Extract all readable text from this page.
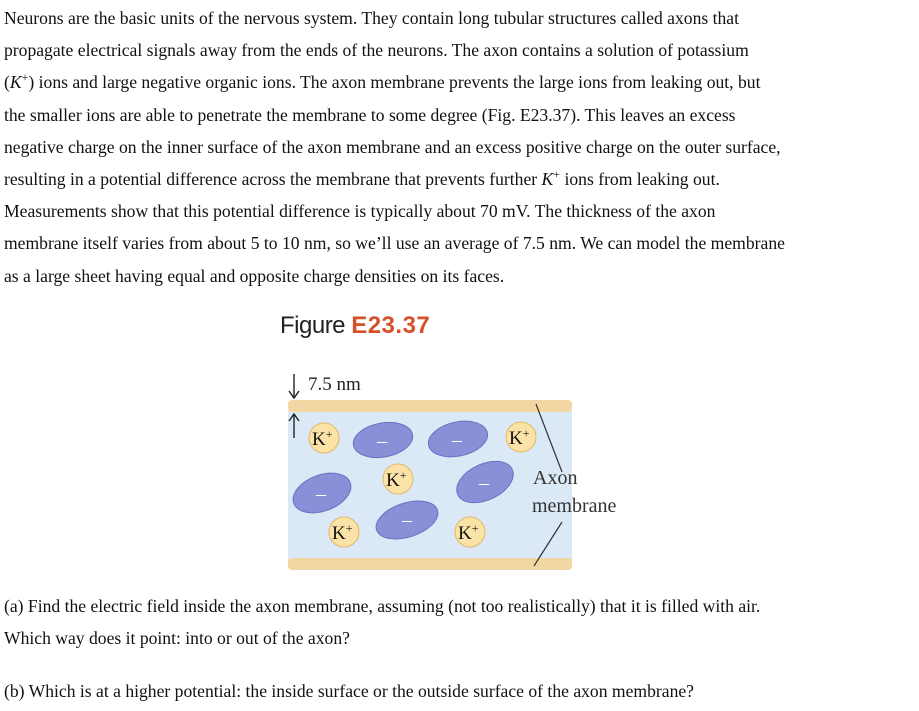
Neurons are the basic units of the nervous system. They contain long tubular structures called axons that
propagate electrical signals away from the ends of the neurons. The axon contains a solution of potassium
(K+) ions and large negative organic ions. The axon membrane prevents the large ions from leaking out, but
the smaller ions are able to penetrate the membrane to some degree (Fig. E23.37). This leaves an excess
negative charge on the inner surface of the axon membrane and an excess positive charge on the outer surface,
resulting in a potential difference across the membrane that prevents further K+ ions from leaking out.
Measurements show that this potential difference is typically about 70 mV. The thickness of the axon
membrane itself varies from about 5 to 10 nm, so we’ll use an average of 7.5 nm. We can model the membrane
as a large sheet having equal and opposite charge densities on its faces.
Figure E23.37
7.5 nm
Axon
membrane
–	–
–	–
–
K+	K+
K+
K+	K+
(a) Find the electric field inside the axon membrane, assuming (not too realistically) that it is filled with air.
Which way does it point: into or out of the axon?
(b) Which is at a higher potential: the inside surface or the outside surface of the axon membrane?
